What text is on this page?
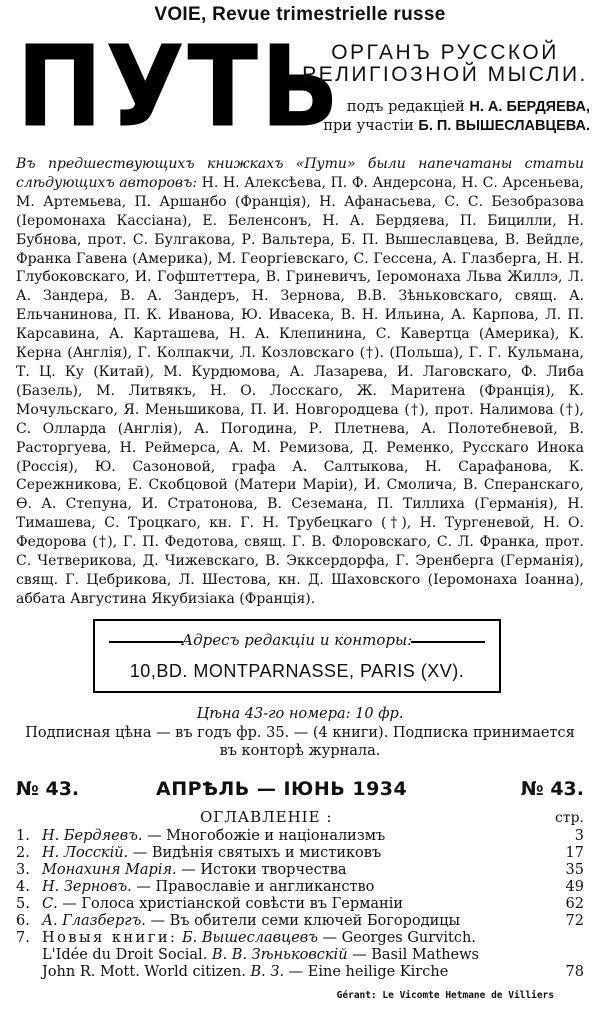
VOIE, Revue trimestrielle russe
ПУТЬ
ОРГАНЪ РУССКОЙ
РЕЛИГIОЗНОЙ МЫСЛИ.
подъ редакцiей Н. А. БЕРДЯЕВА,
при участiи Б. П. ВЫШЕСЛАВЦЕВА.
Въ предшествующихъ книжкахъ «Пути» были напечатаны статьи слѣдующихъ авторовъ: Н. Н. Алексѣева, П. Ф. Андерсона, Н. С. Арсеньева, М. Артемьева, П. Аршанбо (Францiя), Н. Афанасьева, С. С. Безобразова (Iеромонаха Кассiана), Е. Беленсонъ, Н. А. Бердяева, П. Бицилли, Н. Бубнова, прот. С. Булгакова, Р. Вальтера, Б. П. Вышеславцева, В. Вейдле, Франка Гавена (Америка), М. Георгiевскаго, С. Гессена, А. Глазберга, Н. Н. Глубоковскаго, И. Гофштеттера, В. Гриневичъ, Iеромонаха Льва Жиллэ, Л. А. Зандера, В. А. Зандеръ, Н. Зернова, В.В. Зѣньковскаго, свящ. А. Ельчанинова, П. К. Иванова, Ю. Ивасека, В. Н. Ильина, А. Карпова, Л. П. Карсавина, А. Карташева, Н. А. Клепинина, С. Кавертца (Америка), К. Керна (Англiя), Г. Колпакчи, Л. Козловскаго (†). (Польша), Г. Г. Кульмана, Т. Ц. Ку (Китай), М. Курдюмова, А. Лазарева, И. Лаговскаго, Ф. Либа (Базель), М. Литвякъ, Н. О. Лосскаго, Ж. Маритена (Францiя), К. Мочульскаго, Я. Меньшикова, П. И. Новгородцева (†), прот. Налимова (†), С. Олларда (Англiя), А. Погодина, Р. Плетнева, А. Полотебневой, В. Расторгуева, Н. Реймерса, А. М. Ремизова, Д. Ременко, Русскаго Инока (Россiя), Ю. Сазоновой, графа А. Салтыкова, Н. Сарафанова, К. Сережникова, Е. Скобцовой (Матери Марiи), И. Смолича, В. Сперанскаго, Ѳ. А. Степуна, И. Стратонова, В. Сеземана, П. Тиллиха (Германiя), Н. Тимашева, С. Троцкаго, кн. Г. Н. Трубецкаго (†), Н. Тургеневой, Н. О. Федорова (†), Г. П. Федотова, свящ. Г. В. Флоровскаго, С. Л. Франка, прот. С. Четверикова, Д. Чижевскаго, В. Экксердорфа, Г. Эренберга (Германiя), свящ. Г. Цебрикова, Л. Шестова, кн. Д. Шаховского (Iеромонаха Iоанна), аббата Августина Якубизiака (Францiя).
Адресъ редакцiи и конторы:
10,BD. MONTPARNASSE, PARIS (XV).
Цѣна 43-го номера: 10 фр.
Подписная цѣна — въ годъ фр. 35. — (4 книги). Подписка принимается въ конторѣ журнала.
№ 43.	АПРѢЛЬ — IЮНЬ 1934	№ 43.
ОГЛАВЛЕНIЕ :	стр.
1. Н. Бердяевъ. — Многобожiе и нацiонализмъ	3
2. Н. Лосскiй. — Видѣнiя святыхъ и мистиковъ	17
3. Монахиня Марiя. — Истоки творчества	35
4. Н. Зерновъ. — Православiе и англиканство	49
5. С. — Голоса христiанской совѣсти въ Германiи	62
6. А. Глазбергъ. — Въ обители семи ключей Богородицы	72
7. Новыя книги: Б. Вышеславцевъ — Georges Gurvitch.
L'Idée du Droit Social. В. В. Зѣньковскiй — Basil Mathews
John R. Mott. World citizen. В. З. — Eine heilige Kirche	78
Gérant: Le Vicomte Hetmane de Villiers
